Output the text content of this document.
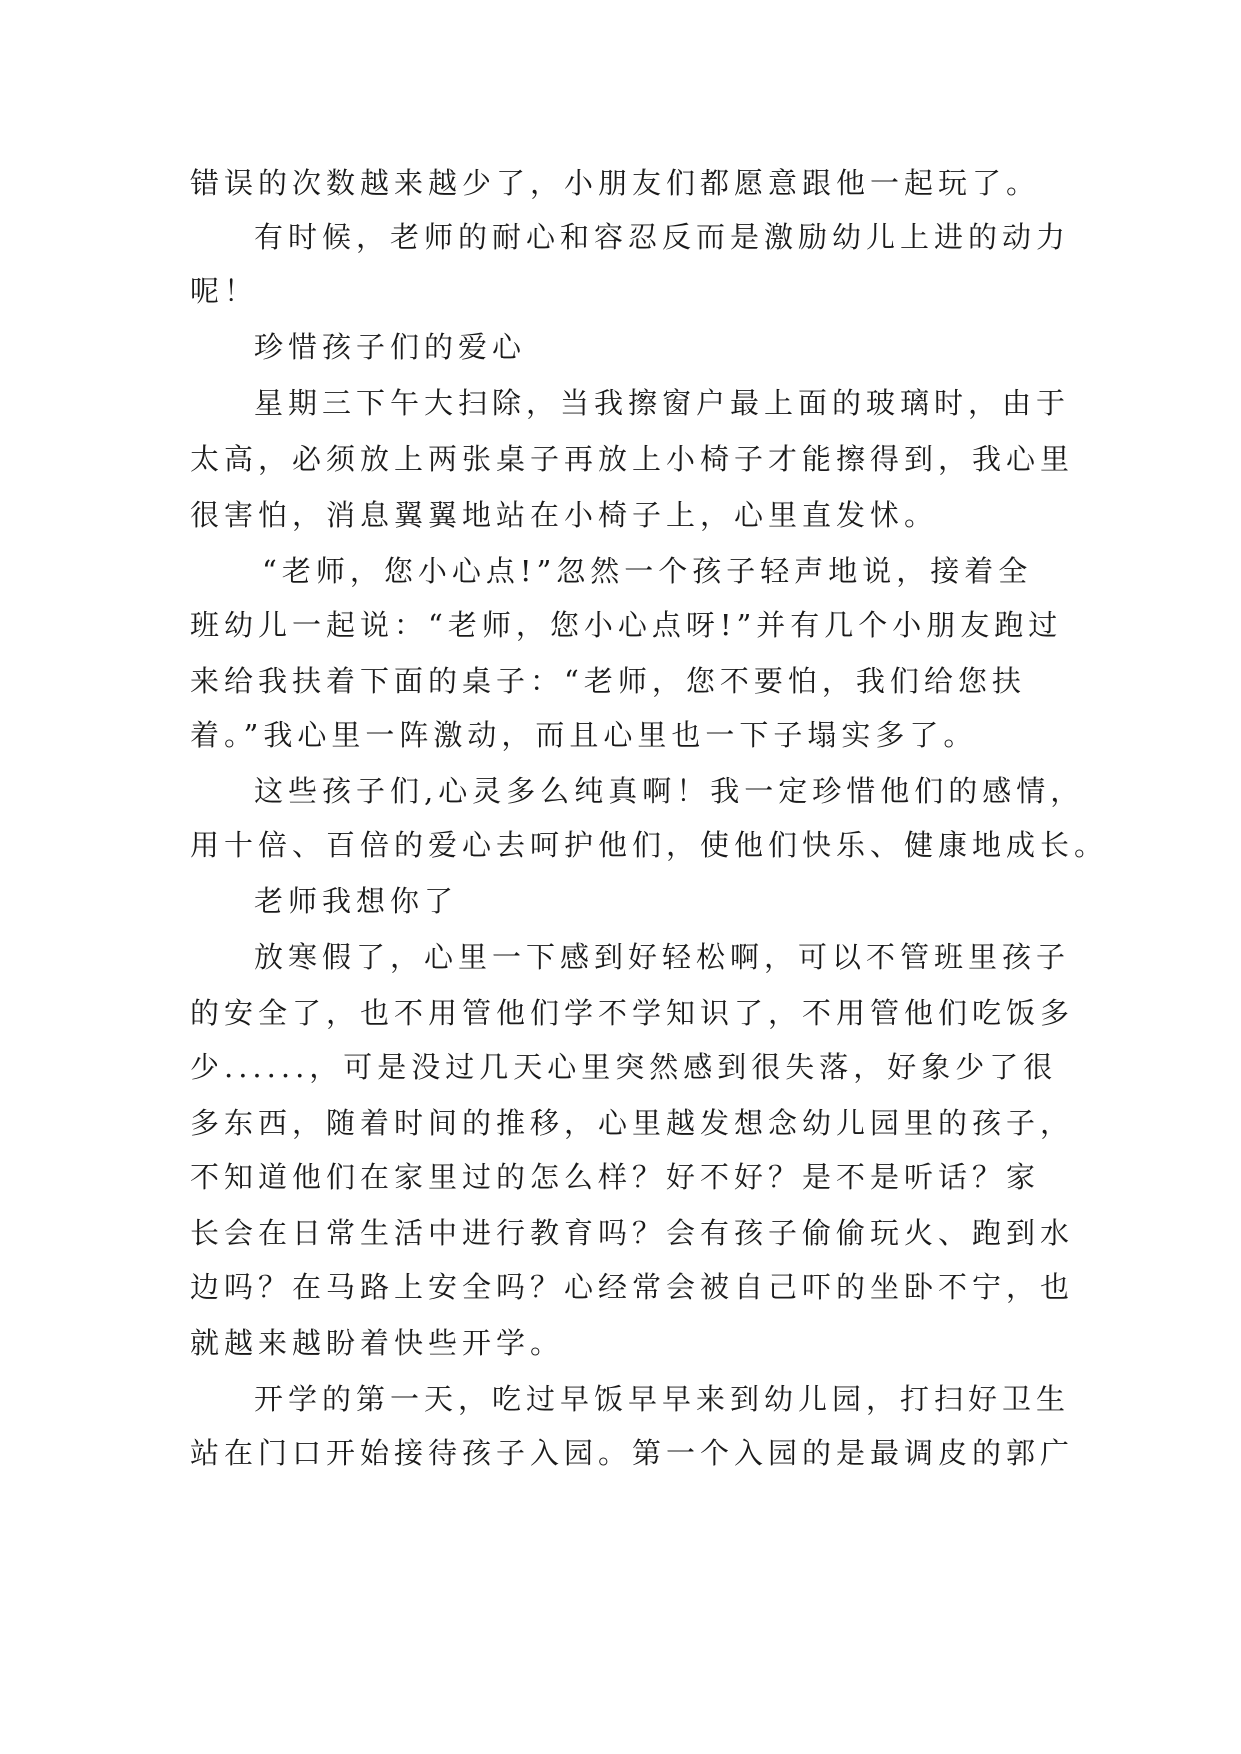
错误的次数越来越少了，小朋友们都愿意跟他一起玩了。
有时候，老师的耐心和容忍反而是激励幼儿上进的动力
呢！
珍惜孩子们的爱心
星期三下午大扫除，当我擦窗户最上面的玻璃时，由于
太高，必须放上两张桌子再放上小椅子才能擦得到，我心里
很害怕，消息翼翼地站在小椅子上，心里直发怵。
“老师，您小心点!”忽然一个孩子轻声地说，接着全
班幼儿一起说：“老师，您小心点呀!”并有几个小朋友跑过
来给我扶着下面的桌子：“老师，您不要怕，我们给您扶
着。”我心里一阵激动，而且心里也一下子塌实多了。
这些孩子们,心灵多么纯真啊！我一定珍惜他们的感情，
用十倍、百倍的爱心去呵护他们，使他们快乐、健康地成长。
老师我想你了
放寒假了，心里一下感到好轻松啊，可以不管班里孩子
的安全了，也不用管他们学不学知识了，不用管他们吃饭多
少......，可是没过几天心里突然感到很失落，好象少了很
多东西，随着时间的推移，心里越发想念幼儿园里的孩子，
不知道他们在家里过的怎么样？好不好？是不是听话？家
长会在日常生活中进行教育吗？会有孩子偷偷玩火、跑到水
边吗？在马路上安全吗？心经常会被自己吓的坐卧不宁，也
就越来越盼着快些开学。
开学的第一天，吃过早饭早早来到幼儿园，打扫好卫生
站在门口开始接待孩子入园。第一个入园的是最调皮的郭广
